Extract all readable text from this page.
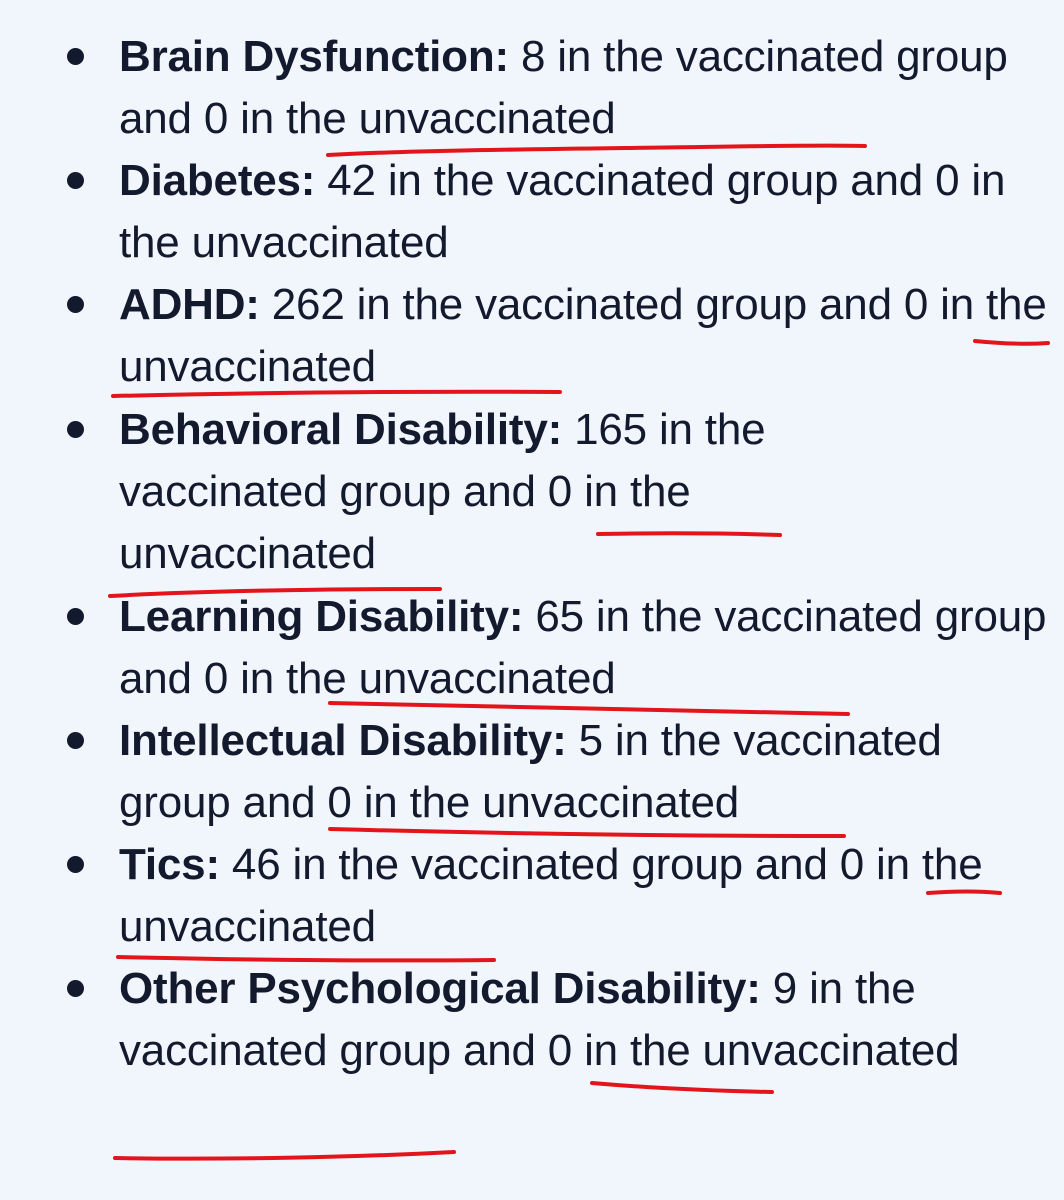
Brain Dysfunction: 8 in the vaccinated group and 0 in the unvaccinated
Diabetes: 42 in the vaccinated group and 0 in the unvaccinated
ADHD: 262 in the vaccinated group and 0 in the unvaccinated
Behavioral Disability: 165 in the vaccinated group and 0 in the unvaccinated
Learning Disability: 65 in the vaccinated group and 0 in the unvaccinated
Intellectual Disability: 5 in the vaccinated group and 0 in the unvaccinated
Tics: 46 in the vaccinated group and 0 in the unvaccinated
Other Psychological Disability: 9 in the vaccinated group and 0 in the unvaccinated
